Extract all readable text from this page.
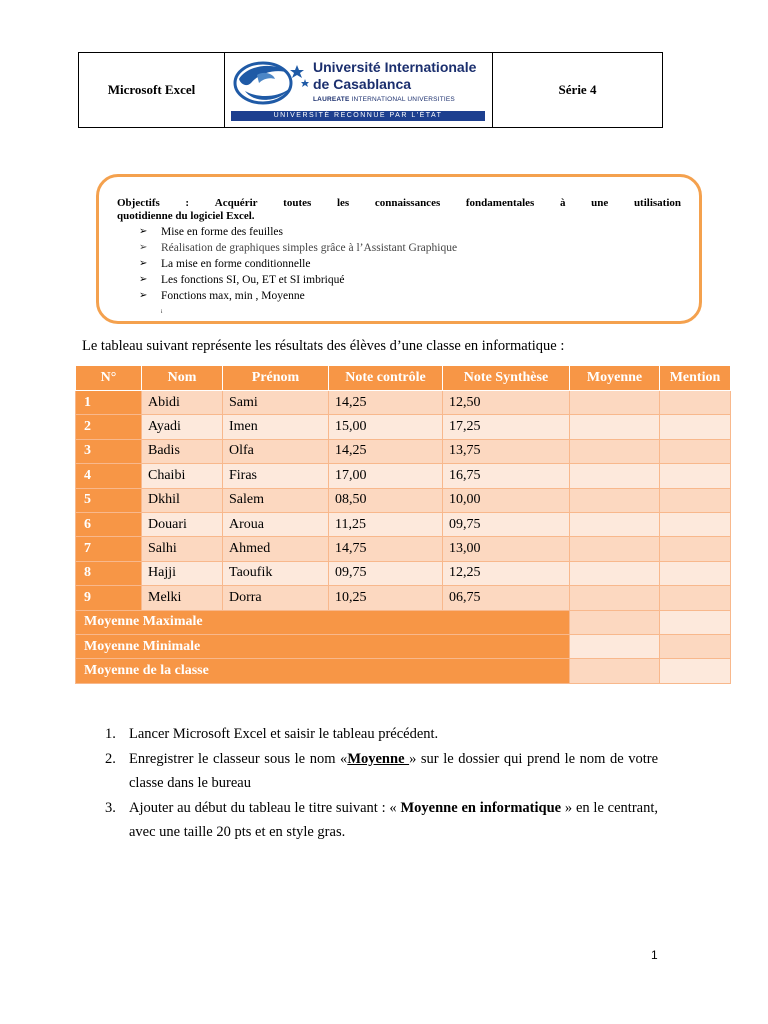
Microsoft Excel
Université Internationale
de Casablanca
LAUREATE INTERNATIONAL UNIVERSITIES
UNIVERSITÉ RECONNUE PAR L'ÉTAT
Série 4
Objectifs : Acquérir toutes les connaissances fondamentales à une utilisation
quotidienne du logiciel Excel.
➢ Mise en forme des feuilles
➢ Réalisation de graphiques simples grâce à l’Assistant Graphique
➢ La mise en forme conditionnelle
➢ Les fonctions SI, Ou, ET et SI imbriqué
➢ Fonctions max, min , Moyenne
ᵢ
Le tableau suivant représente les résultats des élèves d’une classe en informatique :
N°	Nom	Prénom	Note contrôle	Note Synthèse	Moyenne	Mention
1	Abidi	Sami	14,25	12,50		
2	Ayadi	Imen	15,00	17,25		
3	Badis	Olfa	14,25	13,75		
4	Chaibi	Firas	17,00	16,75		
5	Dkhil	Salem	08,50	10,00		
6	Douari	Aroua	11,25	09,75		
7	Salhi	Ahmed	14,75	13,00		
8	Hajji	Taoufik	09,75	12,25		
9	Melki	Dorra	10,25	06,75		
Moyenne Maximale						
Moyenne Minimale						
Moyenne de la classe						
1. Lancer Microsoft Excel et saisir le tableau précédent.
2. Enregistrer le classeur sous le nom «Moyenne » sur le dossier qui prend le nom de votre classe dans le bureau
3. Ajouter au début du tableau le titre suivant : « Moyenne en informatique » en le centrant, avec une taille 20 pts et en style gras.
1
